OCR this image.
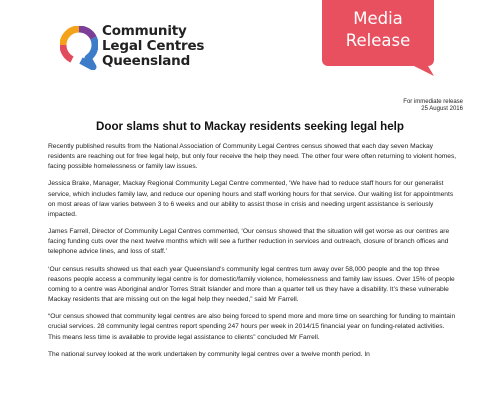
Community
Legal Centres
Queensland
Media
Release
For immediate release
25 August 2016
Door slams shut to Mackay residents seeking legal help

Recently published results from the National Association of Community Legal Centres census showed that each day seven Mackay residents are reaching out for free legal help, but only four receive the help they need. The other four were often returning to violent homes, facing possible homelessness or family law issues.

Jessica Brake, Manager, Mackay Regional Community Legal Centre commented, ‘We have had to reduce staff hours for our generalist service, which includes family law, and reduce our opening hours and staff working hours for that service. Our waiting list for appointments on most areas of law varies between 3 to 6 weeks and our ability to assist those in crisis and needing urgent assistance is seriously impacted.

James Farrell, Director of Community Legal Centres commented, ‘Our census showed that the situation will get worse as our centres are facing funding cuts over the next twelve months which will see a further reduction in services and outreach, closure of branch offices and telephone advice lines, and loss of staff.’

‘Our census results showed us that each year Queensland’s community legal centres turn away over 58,000 people and the top three reasons people access a community legal centre is for domestic/family violence, homelessness and family law issues. Over 15% of people coming to a centre was Aboriginal and/or Torres Strait Islander and more than a quarter tell us they have a disability. It’s these vulnerable Mackay residents that are missing out on the legal help they needed,” said Mr Farrell.

“Our census showed that community legal centres are also being forced to spend more and more time on searching for funding to maintain crucial services. 28 community legal centres report spending 247 hours per week in 2014/15 financial year on funding-related activities. This means less time is available to provide legal assistance to clients” concluded Mr Farrell.

The national survey looked at the work undertaken by community legal centres over a twelve month period. In
